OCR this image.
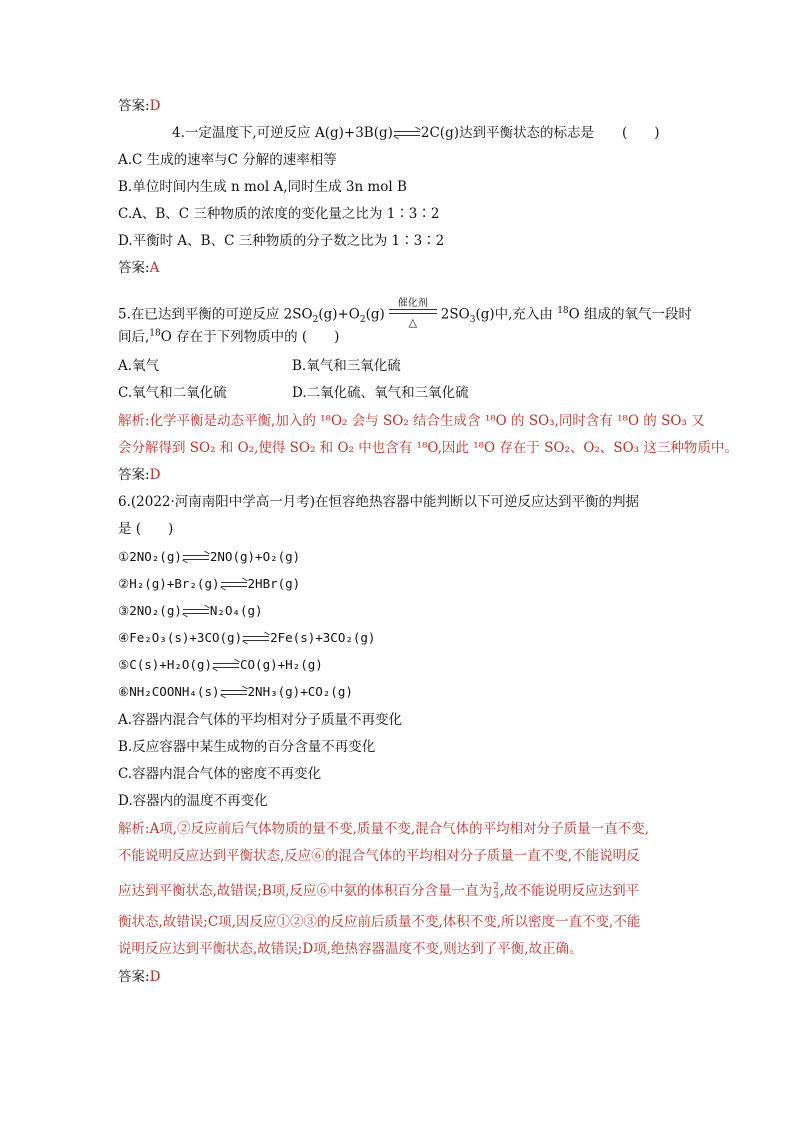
答案:D
4.一定温度下,可逆反应 A(g)+3B(g) 2C(g)达到平衡状态的标志是 (　　)
A.C 生成的速率与C 分解的速率相等
B.单位时间内生成 n mol A,同时生成 3n mol B
C.A、B、C 三种物质的浓度的变化量之比为 1∶3∶2
D.平衡时 A、B、C 三种物质的分子数之比为 1∶3∶2
答案:A
5.在已达到平衡的可逆反应 $2SO_2(g)+O_2(g)$
催化剂
△	$2SO_3(g)$中,充入由 $^{18}$O 组成的氧气一段时
间后,$^{18}$O 存在于下列物质中的 (　　)
A.氧气	B.氧气和三氧化硫
C.氧气和二氧化硫	D.二氧化硫、氧气和三氧化硫
解析:化学平衡是动态平衡,加入的 ¹⁸O₂ 会与 SO₂ 结合生成含 ¹⁸O 的 SO₃,同时含有 ¹⁸O 的 SO₃ 又
会分解得到 SO₂ 和 O₂,使得 SO₂ 和 O₂ 中也含有 ¹⁸O,因此 ¹⁸O 存在于 SO₂、O₂、SO₃ 这三种物质中。
答案:D
6.(2022·河南南阳中学高一月考)在恒容绝热容器中能判断以下可逆反应达到平衡的判据
是 (　　)
①2NO₂(g) 2NO(g)+O₂(g)
②H₂(g)+Br₂(g) 2HBr(g)
③2NO₂(g) N₂O₄(g)
④Fe₂O₃(s)+3CO(g) 2Fe(s)+3CO₂(g)
⑤C(s)+H₂O(g) CO(g)+H₂(g)
⑥NH₂COONH₄(s) 2NH₃(g)+CO₂(g)
A.容器内混合气体的平均相对分子质量不再变化
B.反应容器中某生成物的百分含量不再变化
C.容器内混合气体的密度不再变化
D.容器内的温度不再变化
解析:A项,②反应前后气体物质的量不变,质量不变,混合气体的平均相对分子质量一直不变,
不能说明反应达到平衡状态,反应⑥的混合气体的平均相对分子质量一直不变,不能说明反
应达到平衡状态,故错误;B项,反应⑥中氨的体积百分含量一直为 2
3 ,故不能说明反应达到平
衡状态,故错误;C项,因反应①②③的反应前后质量不变,体积不变,所以密度一直不变,不能
说明反应达到平衡状态,故错误;D项,绝热容器温度不变,则达到了平衡,故正确。
答案:D
